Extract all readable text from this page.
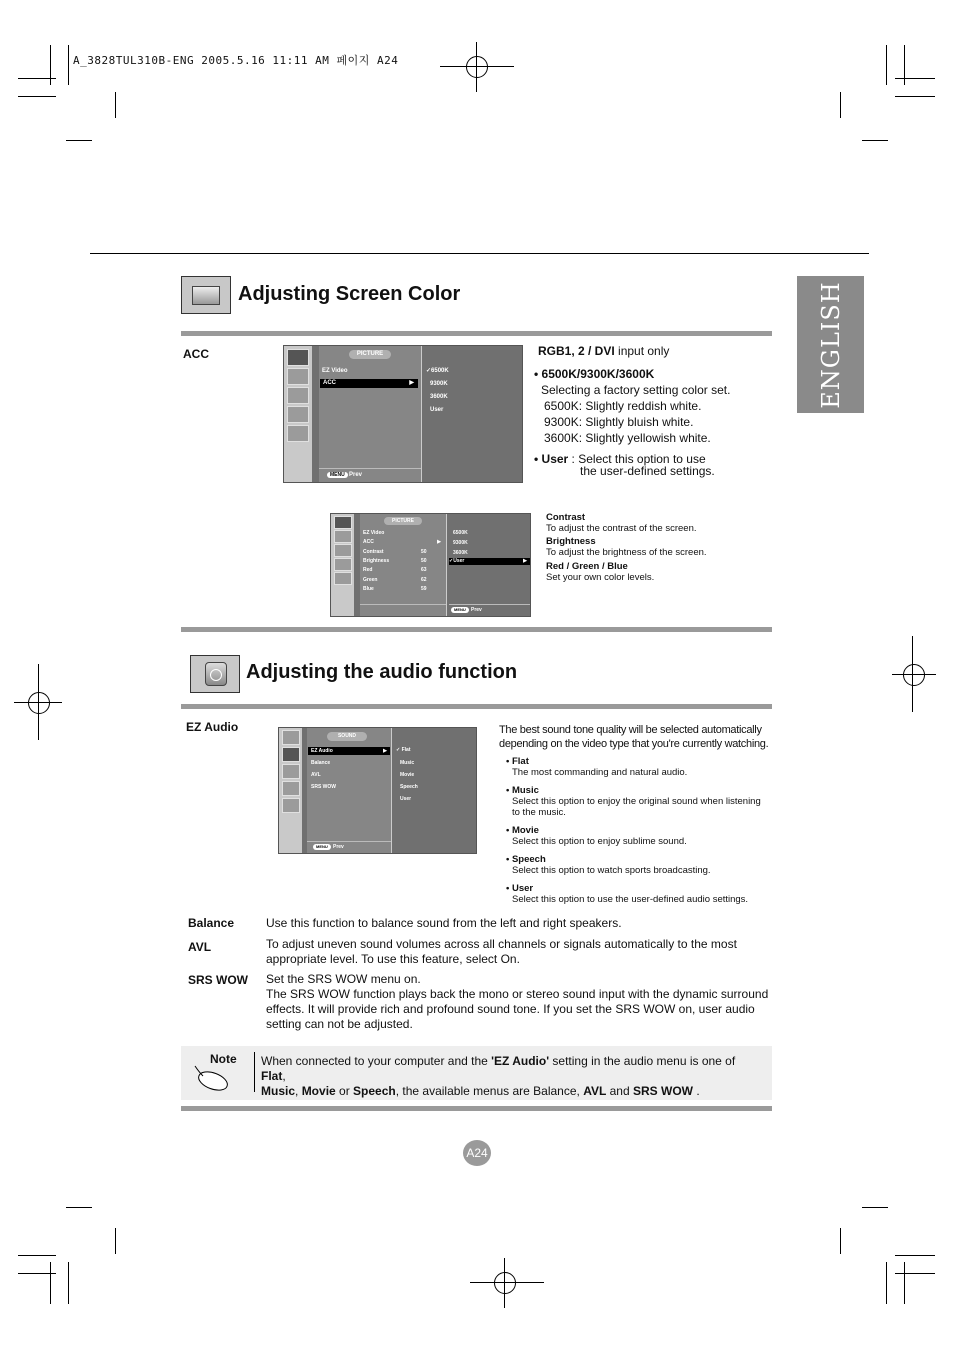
A_3828TUL310B-ENG 2005.5.16 11:11 AM 페이지 A24
ENGLISH
Adjusting Screen Color
ACC	PICTURE
EZ Video
ACC	▶
MENU Prev
✓6500K
9300K
3600K
User
RGB1, 2 / DVI input only
• 6500K/9300K/3600K
Selecting a factory setting color set.
6500K: Slightly reddish white.
9300K: Slightly bluish white.
3600K: Slightly yellowish white.
• User : Select this option to use
the user-defined settings.
PICTURE
EZ Video
ACC	▶
Contrast	50
Brightness	50
Red	63
Green	62
Blue	59
6500K
9300K
3600K
✓User	▶
MENU	Prev
Contrast
To adjust the contrast of the screen.
Brightness
To adjust the brightness of the screen.
Red / Green / Blue
Set your own color levels.
Adjusting the audio function
EZ Audio
SOUND
EZ Audio	▶
Balance
AVL
SRS WOW
MENU	Prev
✓ Flat
Music
Movie
Speech
User
The best sound tone quality will be selected automatically
depending on the video type that you're currently watching.
• Flat
The most commanding and natural audio.
• Music
Select this option to enjoy the original sound when listening
to the music.
• Movie
Select this option to enjoy sublime sound.
• Speech
Select this option to watch sports broadcasting.
• User
Select this option to use the user-defined audio settings.
Balance	Use this function to balance sound from the left and right speakers.
AVL	To adjust uneven sound volumes across all channels or signals automatically to the most
appropriate level. To use this feature, select On.
SRS WOW Set the SRS WOW menu on.
The SRS WOW function plays back the mono or stereo sound input with the dynamic surround
effects. It will provide rich and profound sound tone. If you set the SRS WOW on, user audio
setting can not be adjusted.
Note When connected to your computer and the 'EZ Audio' setting in the audio menu is one of Flat,
Music, Movie or Speech, the available menus are Balance, AVL and SRS WOW .
A24
